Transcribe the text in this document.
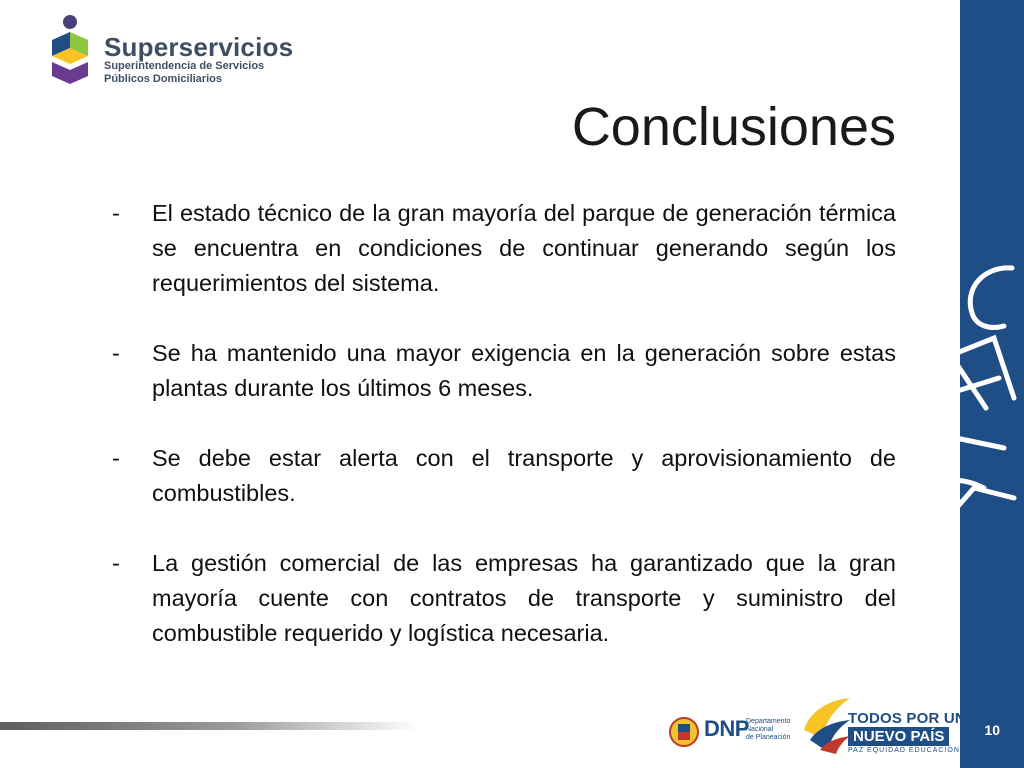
Superservicios
Superintendencia de Servicios
Públicos Domiciliarios
Conclusiones
-	El estado técnico de la gran mayoría del parque de generación térmica se encuentra en condiciones de continuar generando según los requerimientos del sistema.
-	Se ha mantenido una mayor exigencia en la generación sobre estas plantas durante los últimos 6 meses.
-	Se debe estar alerta con el transporte y aprovisionamiento de combustibles.
-	La gestión comercial de las empresas ha garantizado que la gran mayoría cuente con contratos de transporte y suministro del combustible requerido y logística necesaria.
10
DNP
Departamento
Nacional
de Planeación
TODOS POR UN
NUEVO PAÍS
PAZ EQUIDAD EDUCACIÓN
